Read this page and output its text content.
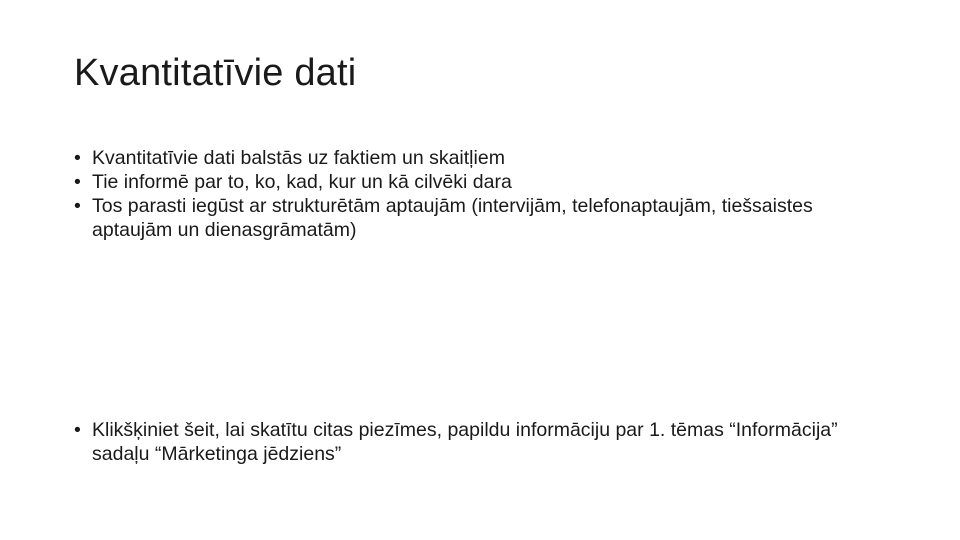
Kvantitatīvie dati
• Kvantitatīvie dati balstās uz faktiem un skaitļiem
• Tie informē par to, ko, kad, kur un kā cilvēki dara
• Tos parasti iegūst ar strukturētām aptaujām (intervijām, telefonaptaujām, tiešsaistes aptaujām un dienasgrāmatām)
• Klikšķiniet šeit, lai skatītu citas piezīmes, papildu informāciju par 1. tēmas “Informācija” sadaļu “Mārketinga jēdziens”
